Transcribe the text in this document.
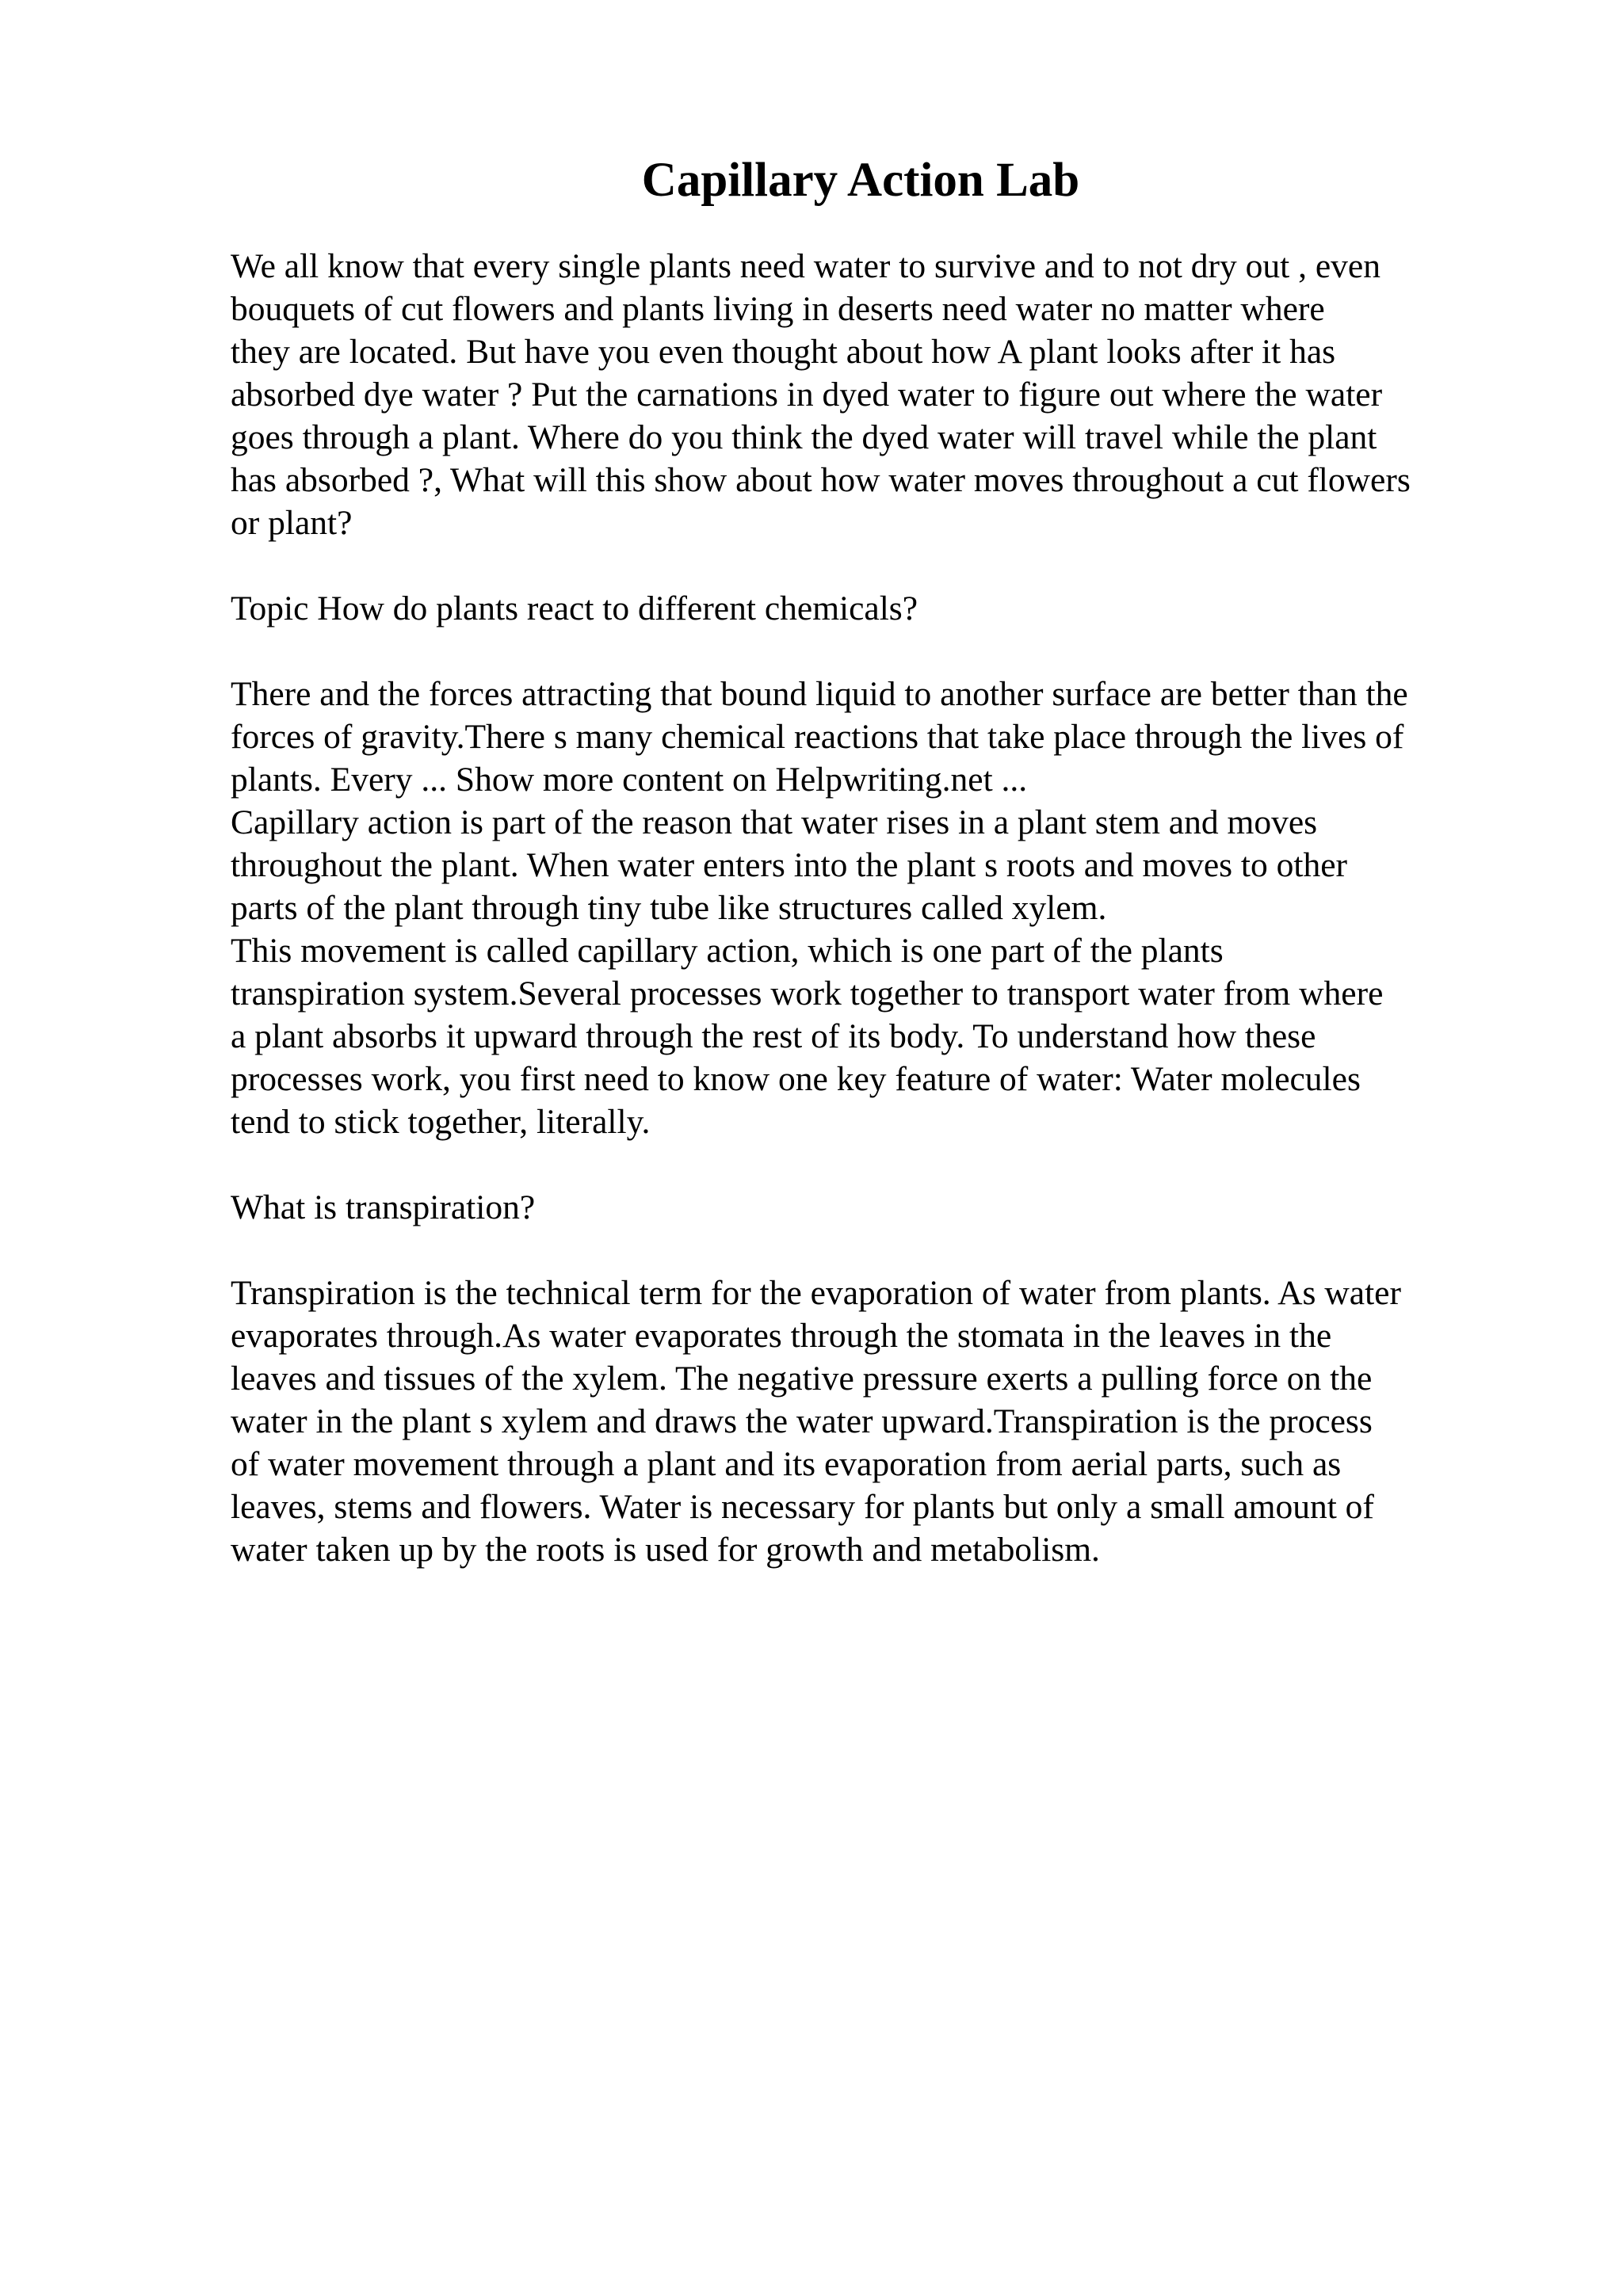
Capillary Action Lab
We all know that every single plants need water to survive and to not dry out , even
bouquets of cut flowers and plants living in deserts need water no matter where
they are located. But have you even thought about how A plant looks after it has
absorbed dye water ? Put the carnations in dyed water to figure out where the water
goes through a plant. Where do you think the dyed water will travel while the plant
has absorbed ?, What will this show about how water moves throughout a cut flowers
or plant?
Topic How do plants react to different chemicals?
There and the forces attracting that bound liquid to another surface are better than the
forces of gravity.There s many chemical reactions that take place through the lives of
plants. Every ... Show more content on Helpwriting.net ...
Capillary action is part of the reason that water rises in a plant stem and moves
throughout the plant. When water enters into the plant s roots and moves to other
parts of the plant through tiny tube like structures called xylem.
This movement is called capillary action, which is one part of the plants
transpiration system.Several processes work together to transport water from where
a plant absorbs it upward through the rest of its body. To understand how these
processes work, you first need to know one key feature of water: Water molecules
tend to stick together, literally.
What is transpiration?
Transpiration is the technical term for the evaporation of water from plants. As water
evaporates through.As water evaporates through the stomata in the leaves in the
leaves and tissues of the xylem. The negative pressure exerts a pulling force on the
water in the plant s xylem and draws the water upward.Transpiration is the process
of water movement through a plant and its evaporation from aerial parts, such as
leaves, stems and flowers. Water is necessary for plants but only a small amount of
water taken up by the roots is used for growth and metabolism.
